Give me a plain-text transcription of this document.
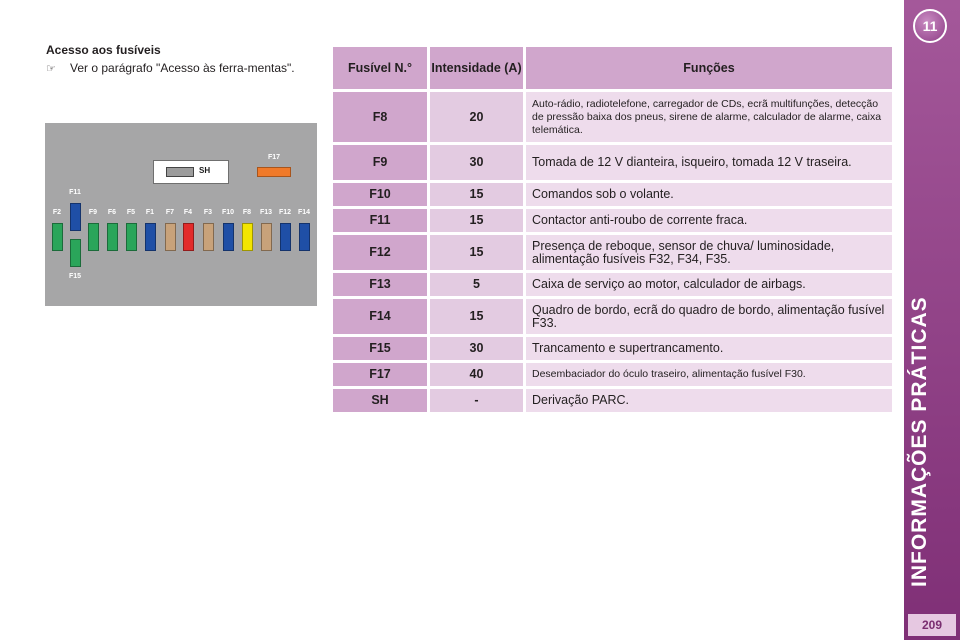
Acesso aos fusíveis
☞	Ver o parágrafo "Acesso às ferra-mentas".
SH
F17
F11
F15
F2	F9	F6	F5	F1	F7	F4	F3	F10	F8	F13 F12 F14
Fusível N.°	Intensidade (A)	Funções
F8	20	Auto-rádio, radiotelefone, carregador de CDs, ecrã multifunções, detecção de pressão baixa dos pneus, sirene de alarme, calculador de alarme, caixa telemática.
F9	30	Tomada de 12 V dianteira, isqueiro, tomada 12 V traseira.
F10	15	Comandos sob o volante.
F11	15	Contactor anti-roubo de corrente fraca.
F12	15	Presença de reboque, sensor de chuva/ luminosidade, alimentação fusíveis F32, F34, F35.
F13	5	Caixa de serviço ao motor, calculador de airbags.
F14	15	Quadro de bordo, ecrã do quadro de bordo, alimentação fusível F33.
F15	30	Trancamento e supertrancamento.
F17	40	Desembaciador do óculo traseiro, alimentação fusível F30.
SH	-	Derivação PARC.
11
INFORMAÇÕES PRÁTICAS
209
